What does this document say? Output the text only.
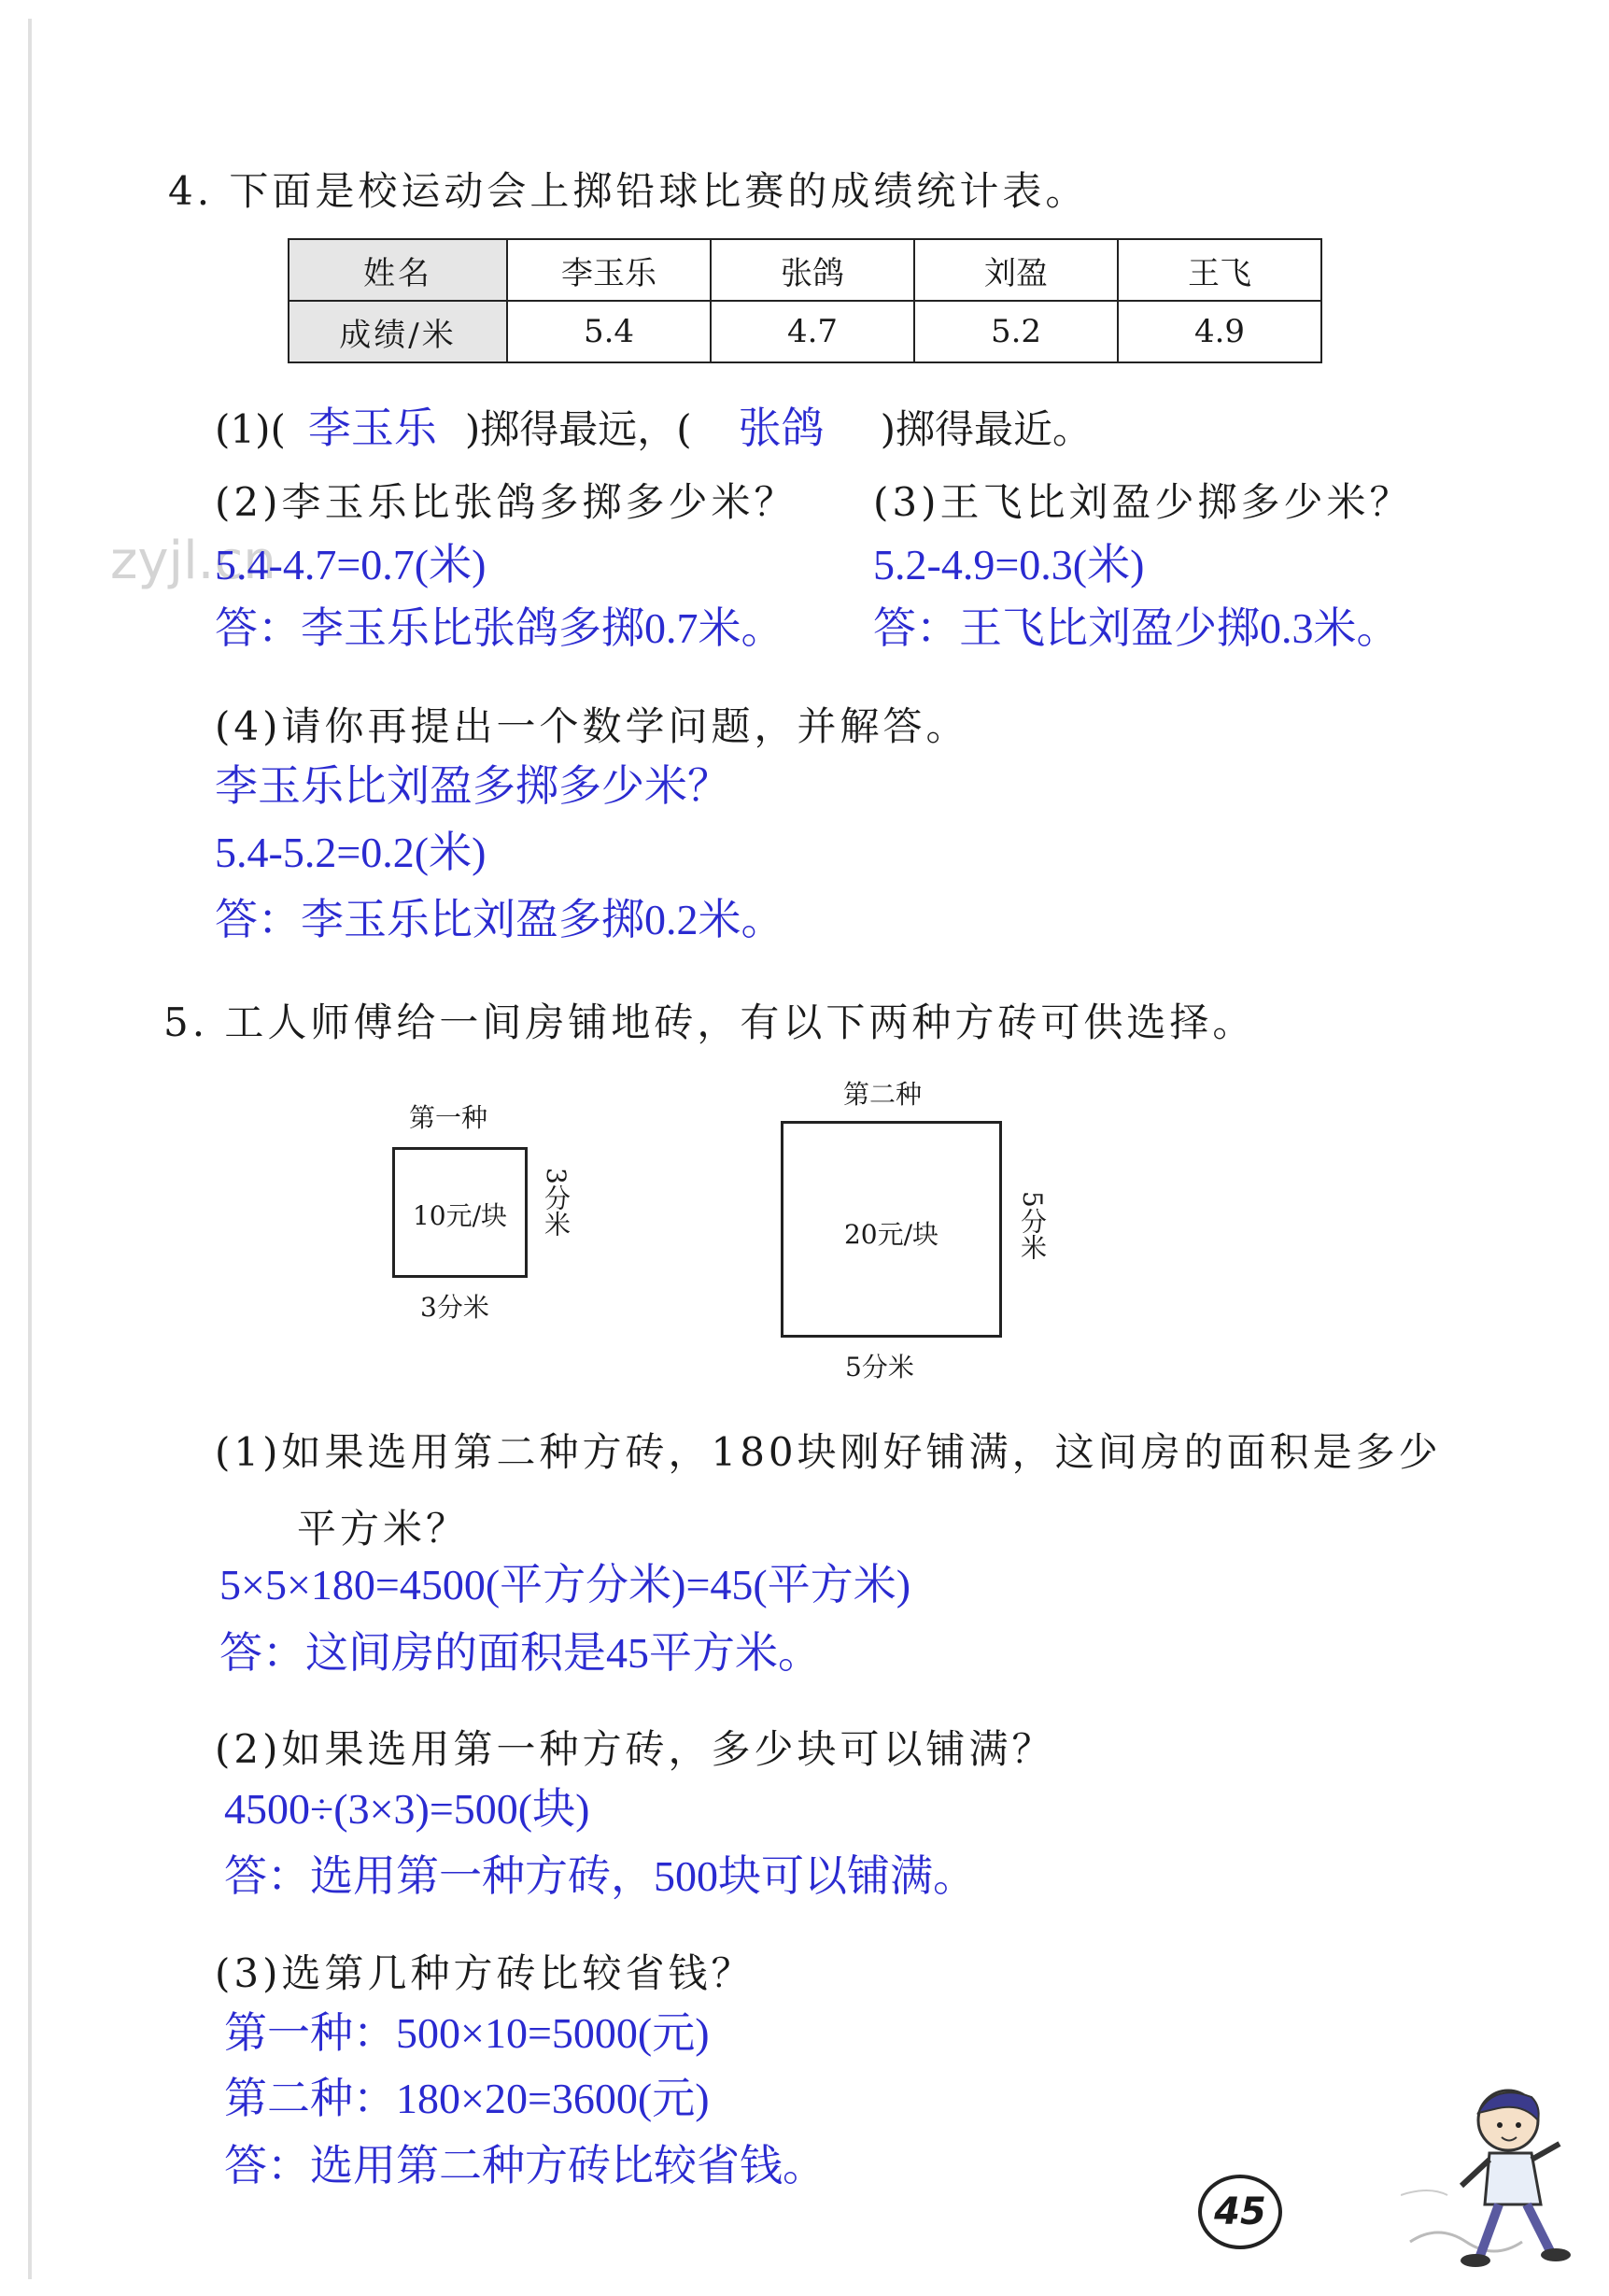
zyjl.cn
4. 下面是校运动会上掷铅球比赛的成绩统计表。
姓名	李玉乐	张鸽	刘盈	王飞
成绩/米	5.4	4.7	5.2	4.9
(1)( 李玉乐 )掷得最远，( 张鸽 )掷得最近。
(2)李玉乐比张鸽多掷多少米？ (3)王飞比刘盈少掷多少米？
5.4-4.7=0.7(米)	5.2-4.9=0.3(米)
答：李玉乐比张鸽多掷0.7米。 答：王飞比刘盈少掷0.3米。
(4)请你再提出一个数学问题，并解答。
李玉乐比刘盈多掷多少米？
5.4-5.2=0.2(米)
答：李玉乐比刘盈多掷0.2米。
5. 工人师傅给一间房铺地砖，有以下两种方砖可供选择。
第一种
10元/块	3分米
3分米
第二种
20元/块	5分米
5分米
(1)如果选用第二种方砖，180块刚好铺满，这间房的面积是多少
平方米？
5×5×180=4500(平方分米)=45(平方米)
答：这间房的面积是45平方米。
(2)如果选用第一种方砖，多少块可以铺满？
4500÷(3×3)=500(块)
答：选用第一种方砖，500块可以铺满。
(3)选第几种方砖比较省钱？
第一种：500×10=5000(元)
第二种：180×20=3600(元)
答：选用第二种方砖比较省钱。
45
